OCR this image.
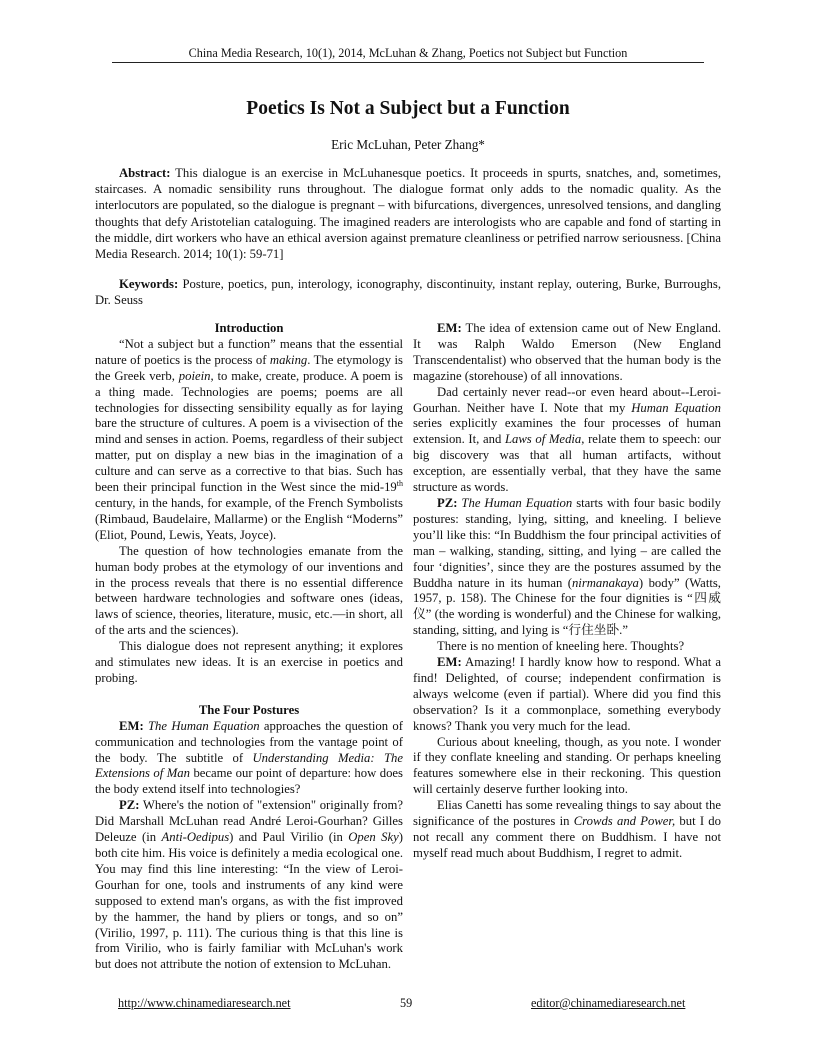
China Media Research, 10(1), 2014, McLuhan & Zhang, Poetics not Subject but Function
Poetics Is Not a Subject but a Function
Eric McLuhan, Peter Zhang*

Abstract: This dialogue is an exercise in McLuhanesque poetics. It proceeds in spurts, snatches, and, sometimes, staircases. A nomadic sensibility runs throughout. The dialogue format only adds to the nomadic quality. As the interlocutors are populated, so the dialogue is pregnant – with bifurcations, divergences, unresolved tensions, and dangling thoughts that defy Aristotelian cataloguing. The imagined readers are interologists who are capable and fond of starting in the middle, dirt workers who have an ethical aversion against premature cleanliness or petrified narrow seriousness. [China Media Research. 2014; 10(1): 59-71]

Keywords: Posture, poetics, pun, interology, iconography, discontinuity, instant replay, outering, Burke, Burroughs, Dr. Seuss

Introduction

“Not a subject but a function” means that the essential nature of poetics is the process of making. The etymology is the Greek verb, poiein, to make, create, produce. A poem is a thing made. Technologies are poems; poems are all technologies for dissecting sensibility equally as for laying bare the structure of cultures. A poem is a vivisection of the mind and senses in action. Poems, regardless of their subject matter, put on display a new bias in the imagination of a culture and can serve as a corrective to that bias. Such has been their principal function in the West since the mid-19th century, in the hands, for example, of the French Symbolists (Rimbaud, Baudelaire, Mallarme) or the English “Moderns” (Eliot, Pound, Lewis, Yeats, Joyce).

The question of how technologies emanate from the human body probes at the etymology of our inventions and in the process reveals that there is no essential difference between hardware technologies and software ones (ideas, laws of science, theories, literature, music, etc.—in short, all of the arts and the sciences).

This dialogue does not represent anything; it explores and stimulates new ideas. It is an exercise in poetics and probing.

The Four Postures

EM: The Human Equation approaches the question of communication and technologies from the vantage point of the body. The subtitle of Understanding Media: The Extensions of Man became our point of departure: how does the body extend itself into technologies?

PZ: Where's the notion of "extension" originally from? Did Marshall McLuhan read André Leroi-Gourhan? Gilles Deleuze (in Anti-Oedipus) and Paul Virilio (in Open Sky) both cite him. His voice is definitely a media ecological one. You may find this line interesting: “In the view of Leroi-Gourhan for one, tools and instruments of any kind were supposed to extend man's organs, as with the fist improved by the hammer, the hand by pliers or tongs, and so on” (Virilio, 1997, p. 111). The curious thing is that this line is from Virilio, who is fairly familiar with McLuhan's work but does not attribute the notion of extension to McLuhan.

EM: The idea of extension came out of New England. It was Ralph Waldo Emerson (New England Transcendentalist) who observed that the human body is the magazine (storehouse) of all innovations.

Dad certainly never read--or even heard about--Leroi-Gourhan. Neither have I. Note that my Human Equation series explicitly examines the four processes of human extension. It, and Laws of Media, relate them to speech: our big discovery was that all human artifacts, without exception, are essentially verbal, that they have the same structure as words.

PZ: The Human Equation starts with four basic bodily postures: standing, lying, sitting, and kneeling. I believe you’ll like this: “In Buddhism the four principal activities of man – walking, standing, sitting, and lying – are called the four ‘dignities’, since they are the postures assumed by the Buddha nature in its human (nirmanakaya) body” (Watts, 1957, p. 158). The Chinese for the four dignities is “四威仪” (the wording is wonderful) and the Chinese for walking, standing, sitting, and lying is “行住坐卧.”

There is no mention of kneeling here. Thoughts?

EM: Amazing! I hardly know how to respond. What a find! Delighted, of course; independent confirmation is always welcome (even if partial). Where did you find this observation? Is it a commonplace, something everybody knows? Thank you very much for the lead.

Curious about kneeling, though, as you note. I wonder if they conflate kneeling and standing. Or perhaps kneeling features somewhere else in their reckoning. This question will certainly deserve further looking into.

Elias Canetti has some revealing things to say about the significance of the postures in Crowds and Power, but I do not recall any comment there on Buddhism. I have not myself read much about Buddhism, I regret to admit.

http://www.chinamediaresearch.net	59	editor@chinamediaresearch.net
